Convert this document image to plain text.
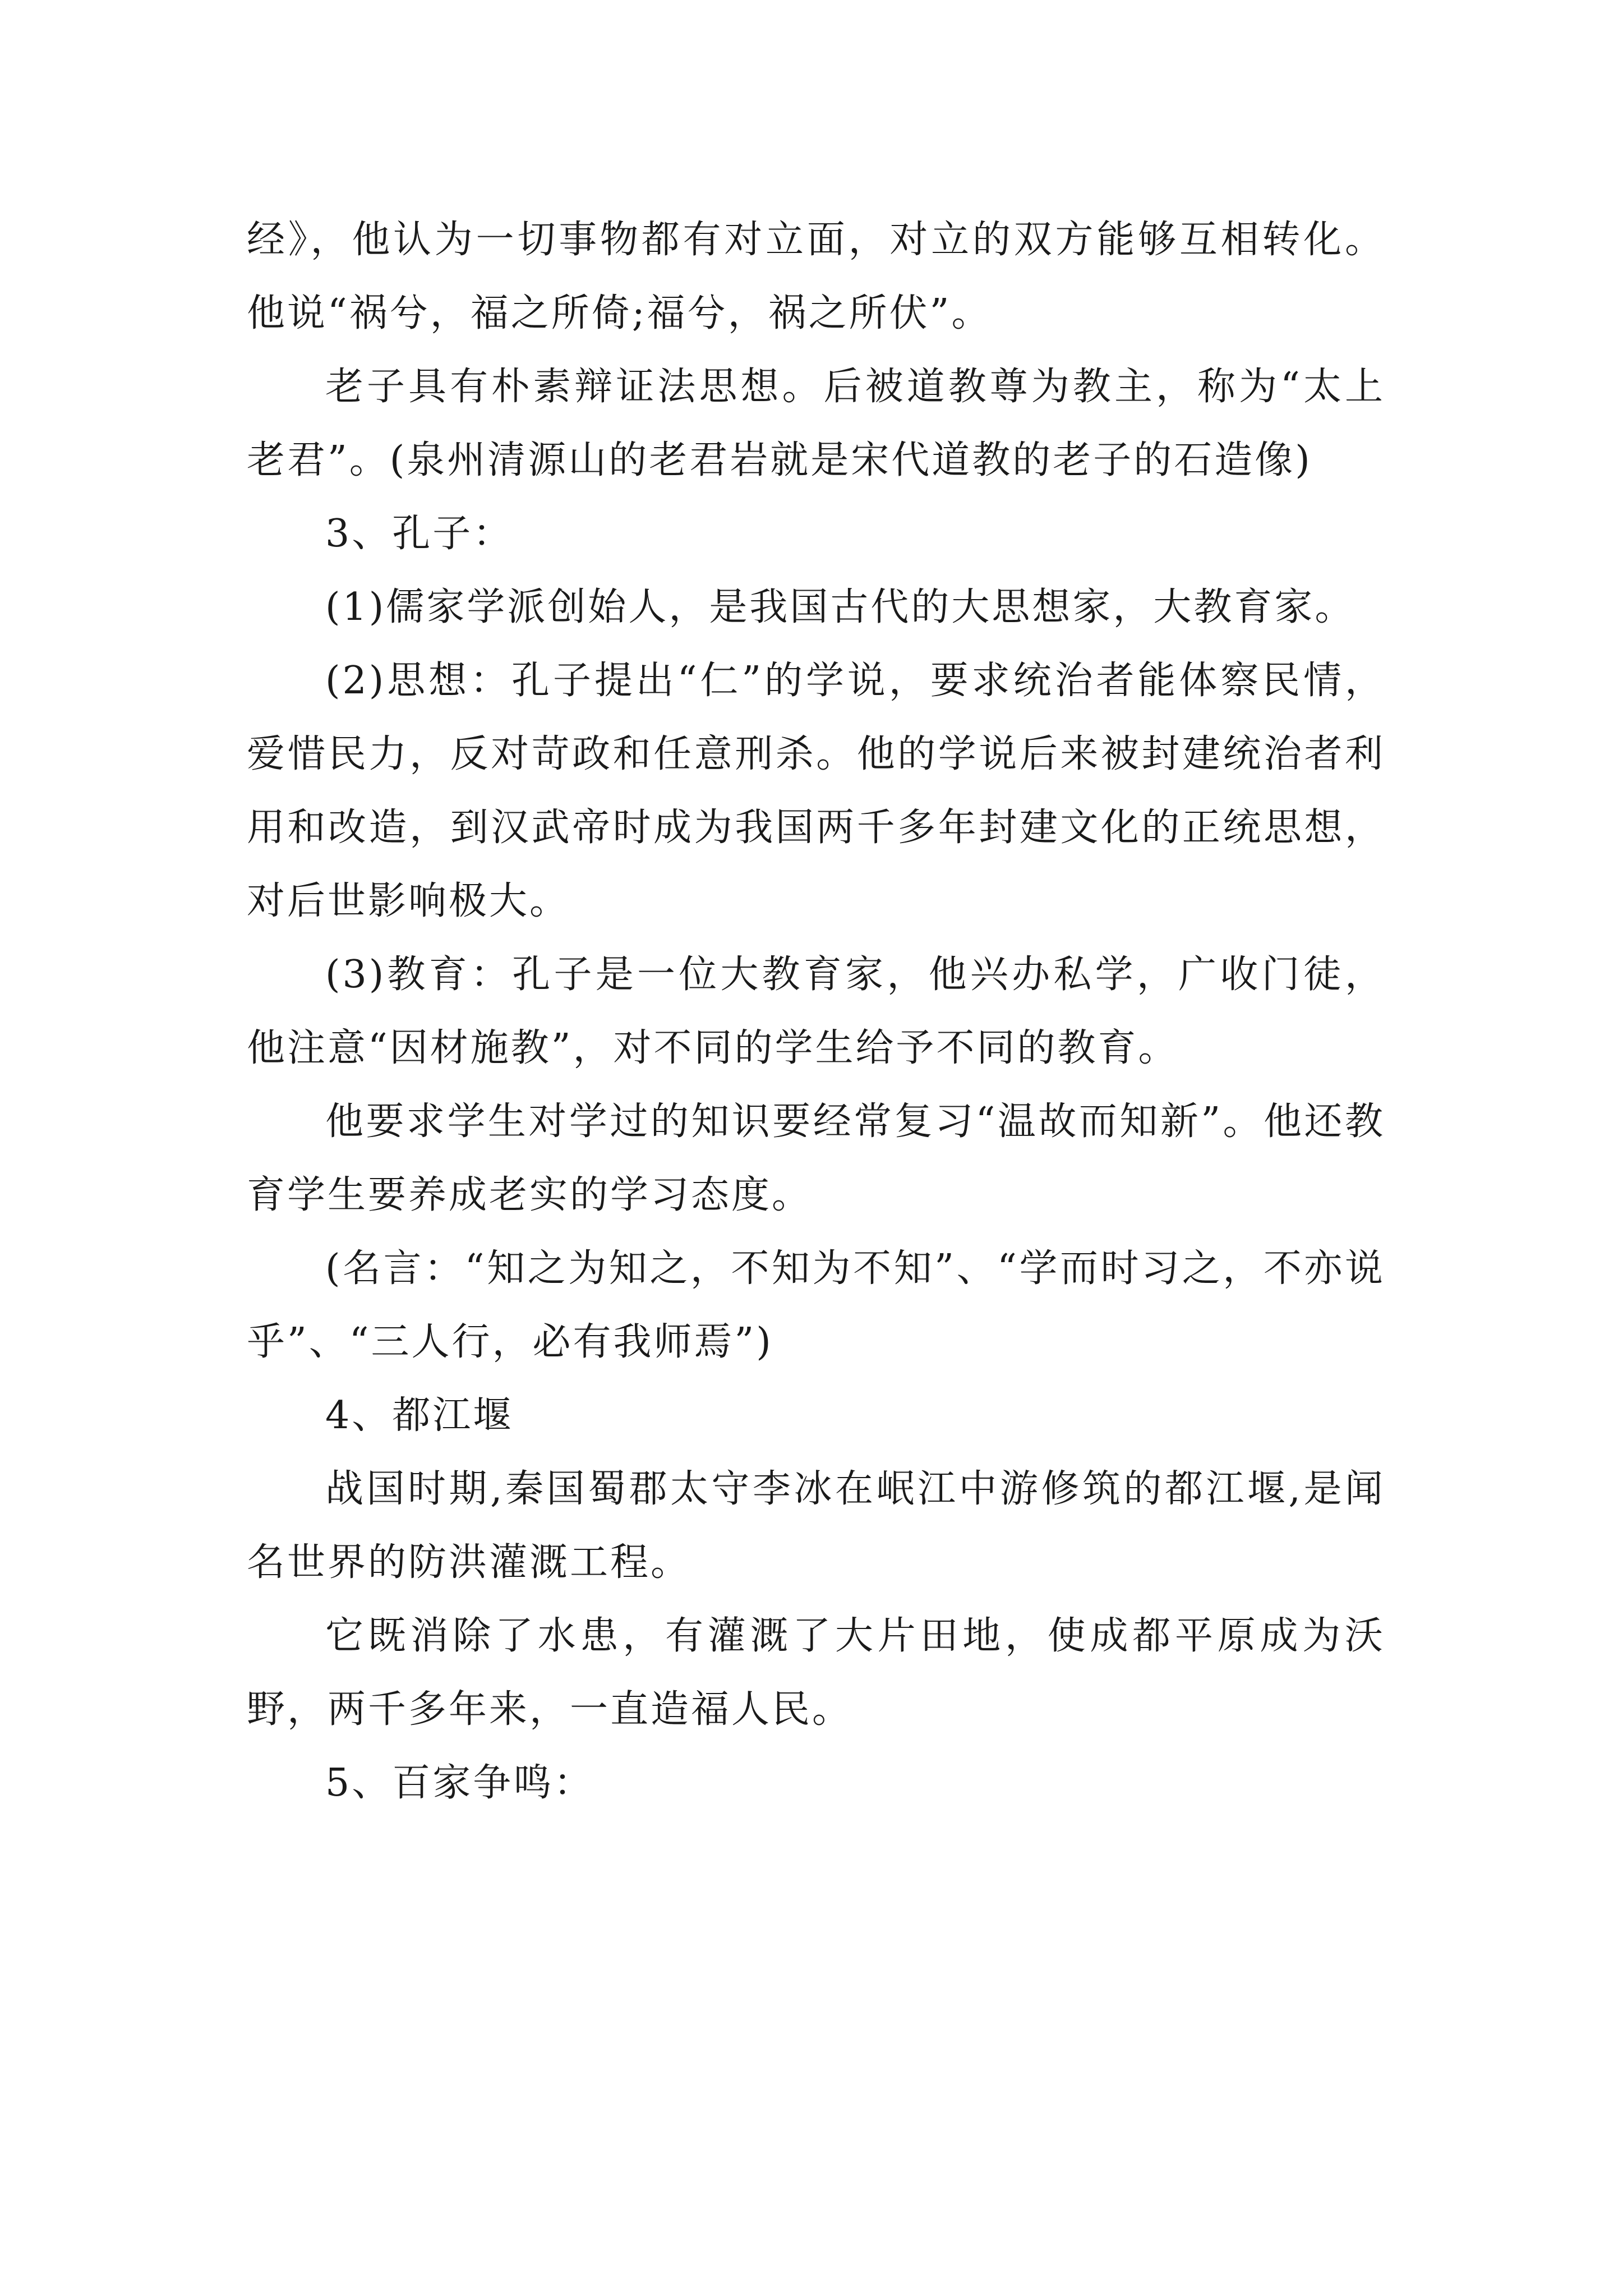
经》，他认为一切事物都有对立面，对立的双方能够互相转化。他说“祸兮，福之所倚;福兮，祸之所伏”。

老子具有朴素辩证法思想。后被道教尊为教主，称为“太上老君”。(泉州清源山的老君岩就是宋代道教的老子的石造像)

3、孔子：

(1)儒家学派创始人，是我国古代的大思想家，大教育家。

(2)思想：孔子提出“仁”的学说，要求统治者能体察民情，爱惜民力，反对苛政和任意刑杀。他的学说后来被封建统治者利用和改造，到汉武帝时成为我国两千多年封建文化的正统思想，对后世影响极大。

(3)教育：孔子是一位大教育家，他兴办私学，广收门徒，他注意“因材施教”，对不同的学生给予不同的教育。

他要求学生对学过的知识要经常复习“温故而知新”。他还教育学生要养成老实的学习态度。

(名言：“知之为知之，不知为不知”、“学而时习之，不亦说乎”、“三人行，必有我师焉”)

4、都江堰

战国时期,秦国蜀郡太守李冰在岷江中游修筑的都江堰,是闻名世界的防洪灌溉工程。

它既消除了水患，有灌溉了大片田地，使成都平原成为沃野，两千多年来，一直造福人民。

5、百家争鸣：
